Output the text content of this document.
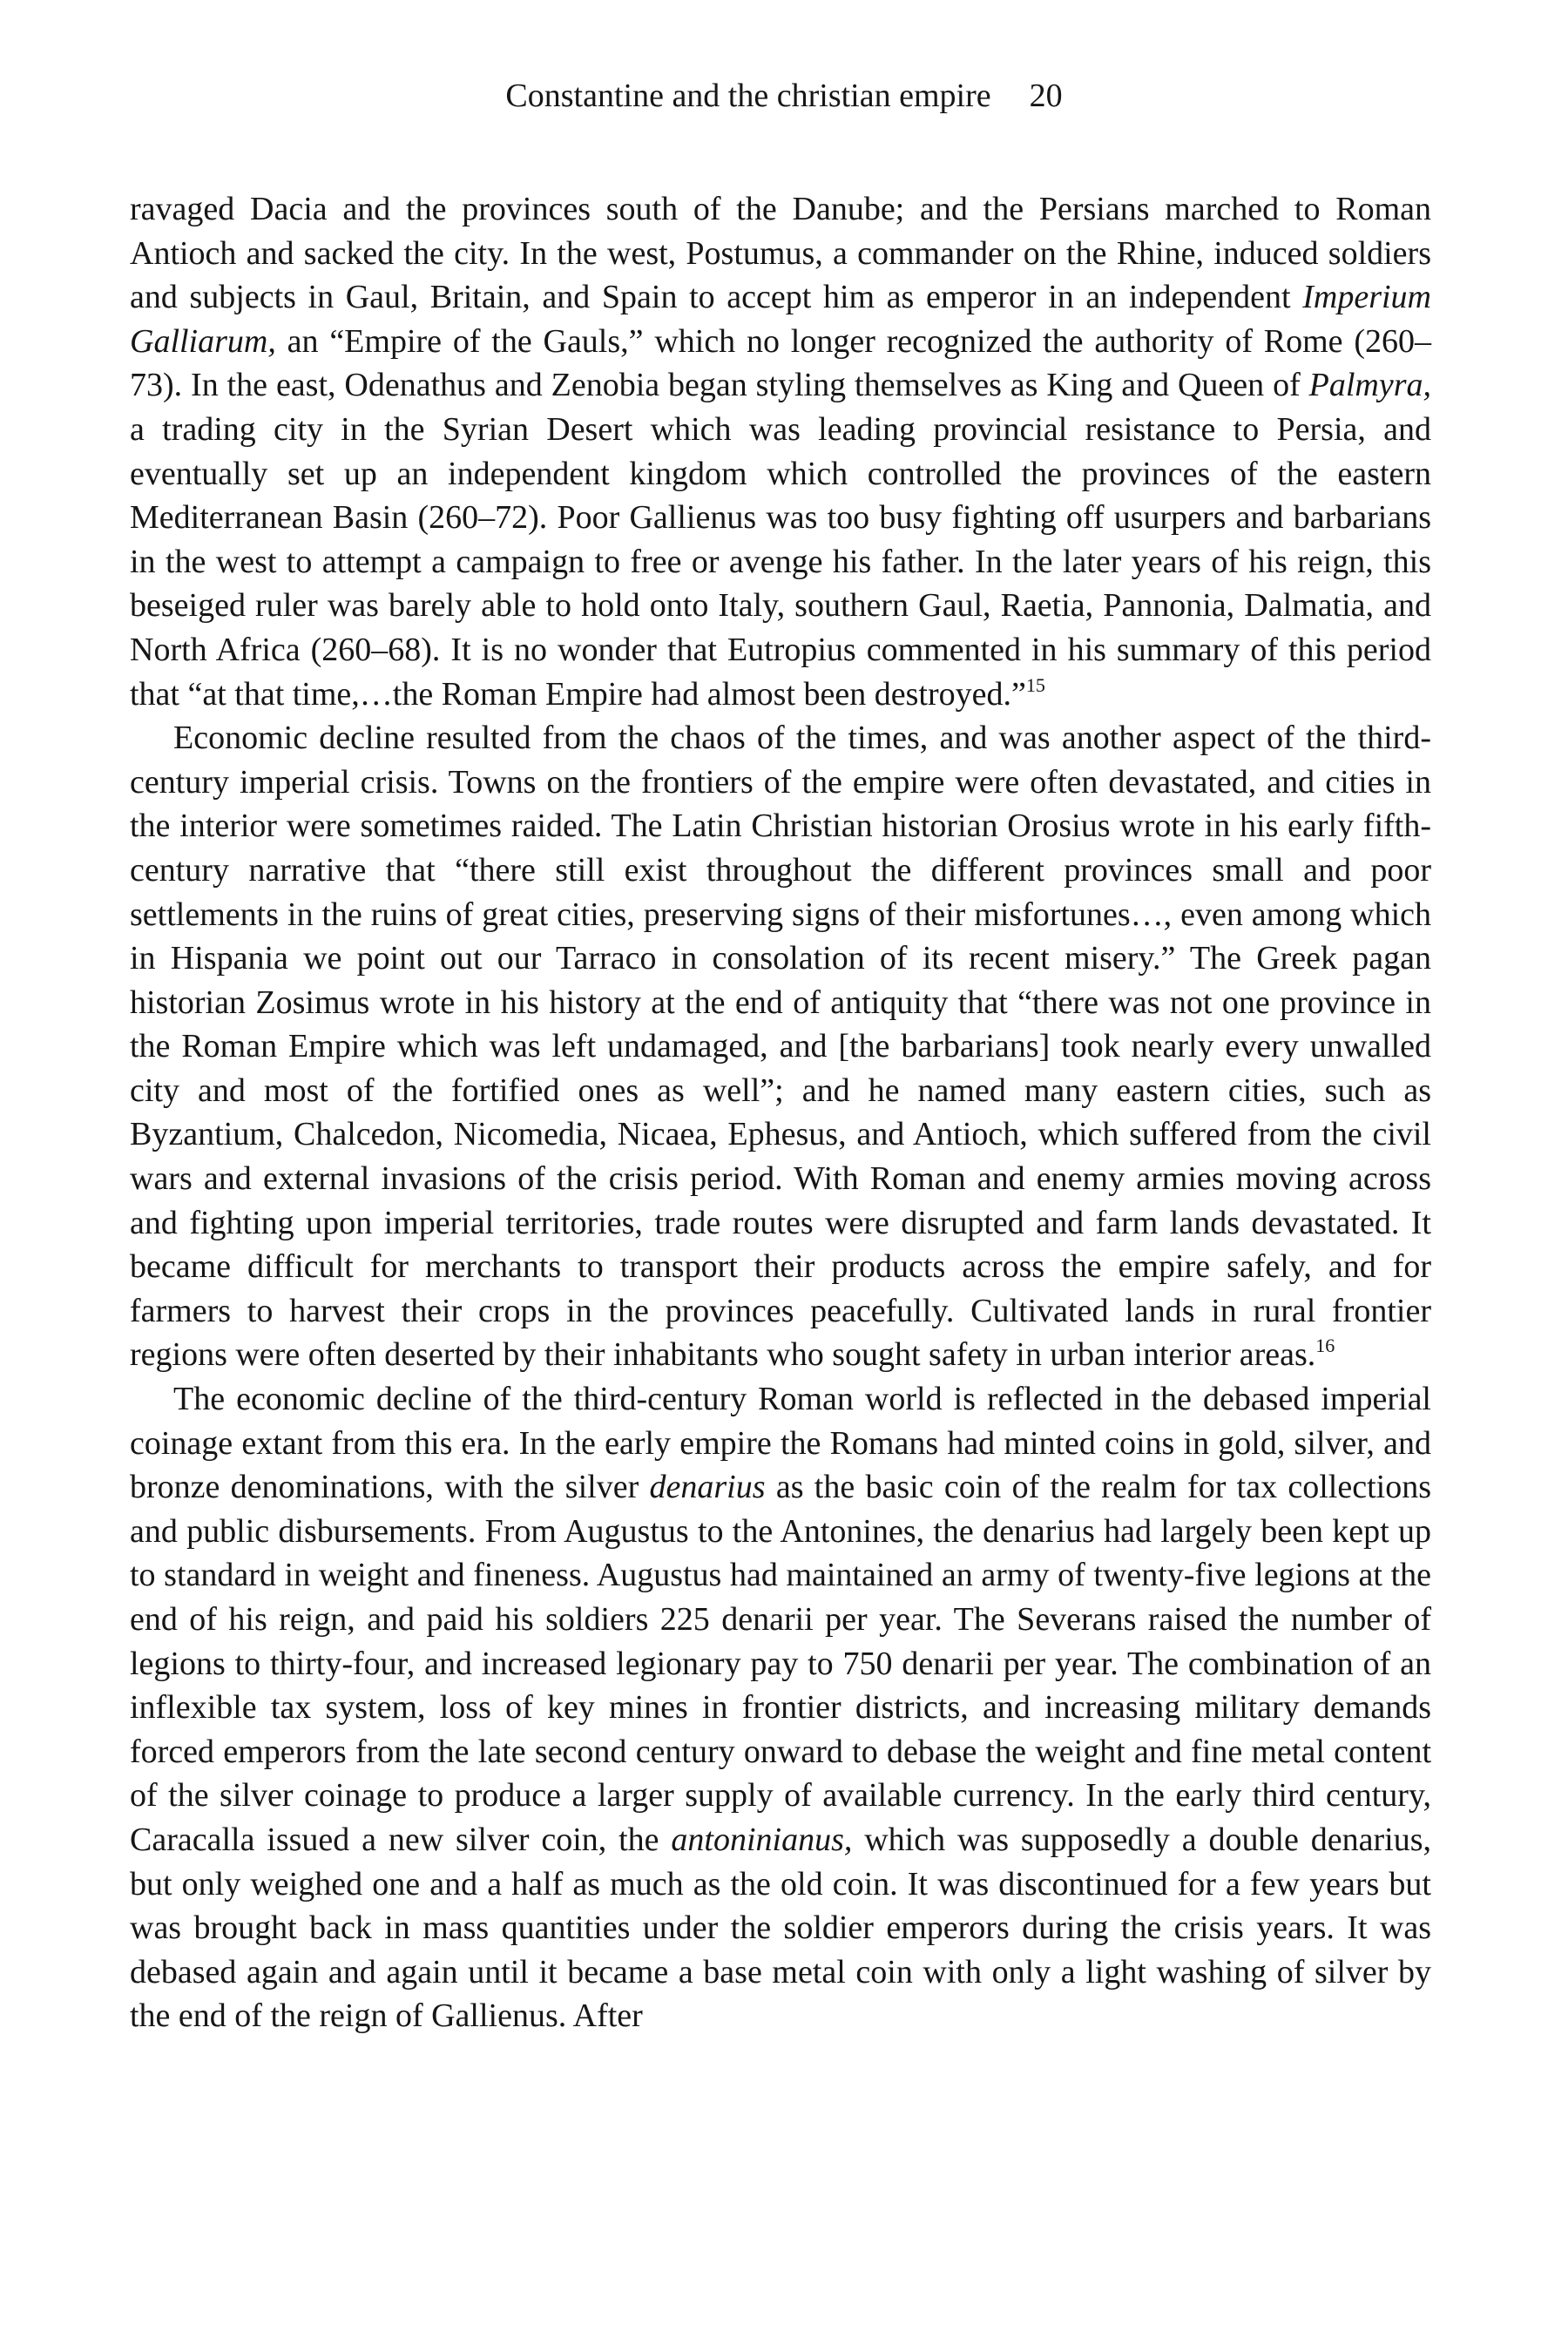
Constantine and the christian empire 20

ravaged Dacia and the provinces south of the Danube; and the Persians marched to Roman Antioch and sacked the city. In the west, Postumus, a commander on the Rhine, induced soldiers and subjects in Gaul, Britain, and Spain to accept him as emperor in an independent Imperium Galliarum, an “Empire of the Gauls,” which no longer recognized the authority of Rome (260–73). In the east, Odenathus and Zenobia began styling themselves as King and Queen of Palmyra, a trading city in the Syrian Desert which was leading provincial resistance to Persia, and eventually set up an independent kingdom which controlled the provinces of the eastern Mediterranean Basin (260–72). Poor Gallienus was too busy fighting off usurpers and barbarians in the west to attempt a campaign to free or avenge his father. In the later years of his reign, this beseiged ruler was barely able to hold onto Italy, southern Gaul, Raetia, Pannonia, Dalmatia, and North Africa (260–68). It is no wonder that Eutropius commented in his summary of this period that “at that time,…the Roman Empire had almost been destroyed.”$^{15}$

Economic decline resulted from the chaos of the times, and was another aspect of the third-century imperial crisis. Towns on the frontiers of the empire were often devastated, and cities in the interior were sometimes raided. The Latin Christian historian Orosius wrote in his early fifth-century narrative that “there still exist throughout the different provinces small and poor settlements in the ruins of great cities, preserving signs of their misfortunes…, even among which in Hispania we point out our Tarraco in consolation of its recent misery.” The Greek pagan historian Zosimus wrote in his history at the end of antiquity that “there was not one province in the Roman Empire which was left undamaged, and [the barbarians] took nearly every unwalled city and most of the fortified ones as well”; and he named many eastern cities, such as Byzantium, Chalcedon, Nicomedia, Nicaea, Ephesus, and Antioch, which suffered from the civil wars and external invasions of the crisis period. With Roman and enemy armies moving across and fighting upon imperial territories, trade routes were disrupted and farm lands devastated. It became difficult for merchants to transport their products across the empire safely, and for farmers to harvest their crops in the provinces peacefully. Cultivated lands in rural frontier regions were often deserted by their inhabitants who sought safety in urban interior areas.$^{16}$

The economic decline of the third-century Roman world is reflected in the debased imperial coinage extant from this era. In the early empire the Romans had minted coins in gold, silver, and bronze denominations, with the silver denarius as the basic coin of the realm for tax collections and public disbursements. From Augustus to the Antonines, the denarius had largely been kept up to standard in weight and fineness. Augustus had maintained an army of twenty-five legions at the end of his reign, and paid his soldiers 225 denarii per year. The Severans raised the number of legions to thirty-four, and increased legionary pay to 750 denarii per year. The combination of an inflexible tax system, loss of key mines in frontier districts, and increasing military demands forced emperors from the late second century onward to debase the weight and fine metal content of the silver coinage to produce a larger supply of available currency. In the early third century, Caracalla issued a new silver coin, the antoninianus, which was supposedly a double denarius, but only weighed one and a half as much as the old coin. It was discontinued for a few years but was brought back in mass quantities under the soldier emperors during the crisis years. It was debased again and again until it became a base metal coin with only a light washing of silver by the end of the reign of Gallienus. After
